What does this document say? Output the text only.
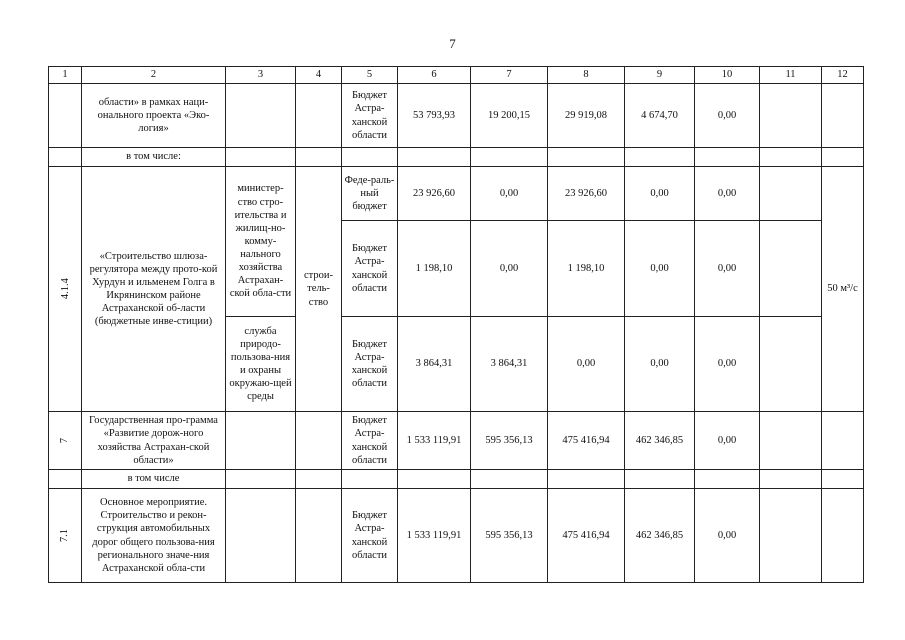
7
1	2	3	4	5	6	7	8	9	10	11	12
	области» в рамках наци-онального проекта «Эко-логия»			Бюджет Астра-ханской области	53 793,93	19 200,15	29 919,08	4 674,70	0,00		
	в том числе:										
4.1.4	«Строительство шлюза-регулятора между прото-кой Хурдун и ильменем Голга в Икрянинском районе Астраханской об-ласти (бюджетные инве-стиции)	министер-ство стро-ительства и жилищ-но-комму-нального хозяйства Астрахан-ской обла-сти	строи-тель-ство	Феде-раль-ный бюджет	23 926,60	0,00	23 926,60	0,00	0,00		50 м³/с
				Бюджет Астра-ханской области	1 198,10	0,00	1 198,10	0,00	0,00		
		служба природо-пользова-ния и охраны окружаю-щей среды		Бюджет Астра-ханской области	3 864,31	3 864,31	0,00	0,00	0,00		
7	Государственная про-грамма «Развитие дорож-ного хозяйства Астрахан-ской области»			Бюджет Астра-ханской области	1 533 119,91	595 356,13	475 416,94	462 346,85	0,00		
	в том числе										
7.1	Основное мероприятие. Строительство и рекон-струкция автомобильных дорог общего пользова-ния регионального значе-ния Астраханской обла-сти			Бюджет Астра-ханской области	1 533 119,91	595 356,13	475 416,94	462 346,85	0,00		
